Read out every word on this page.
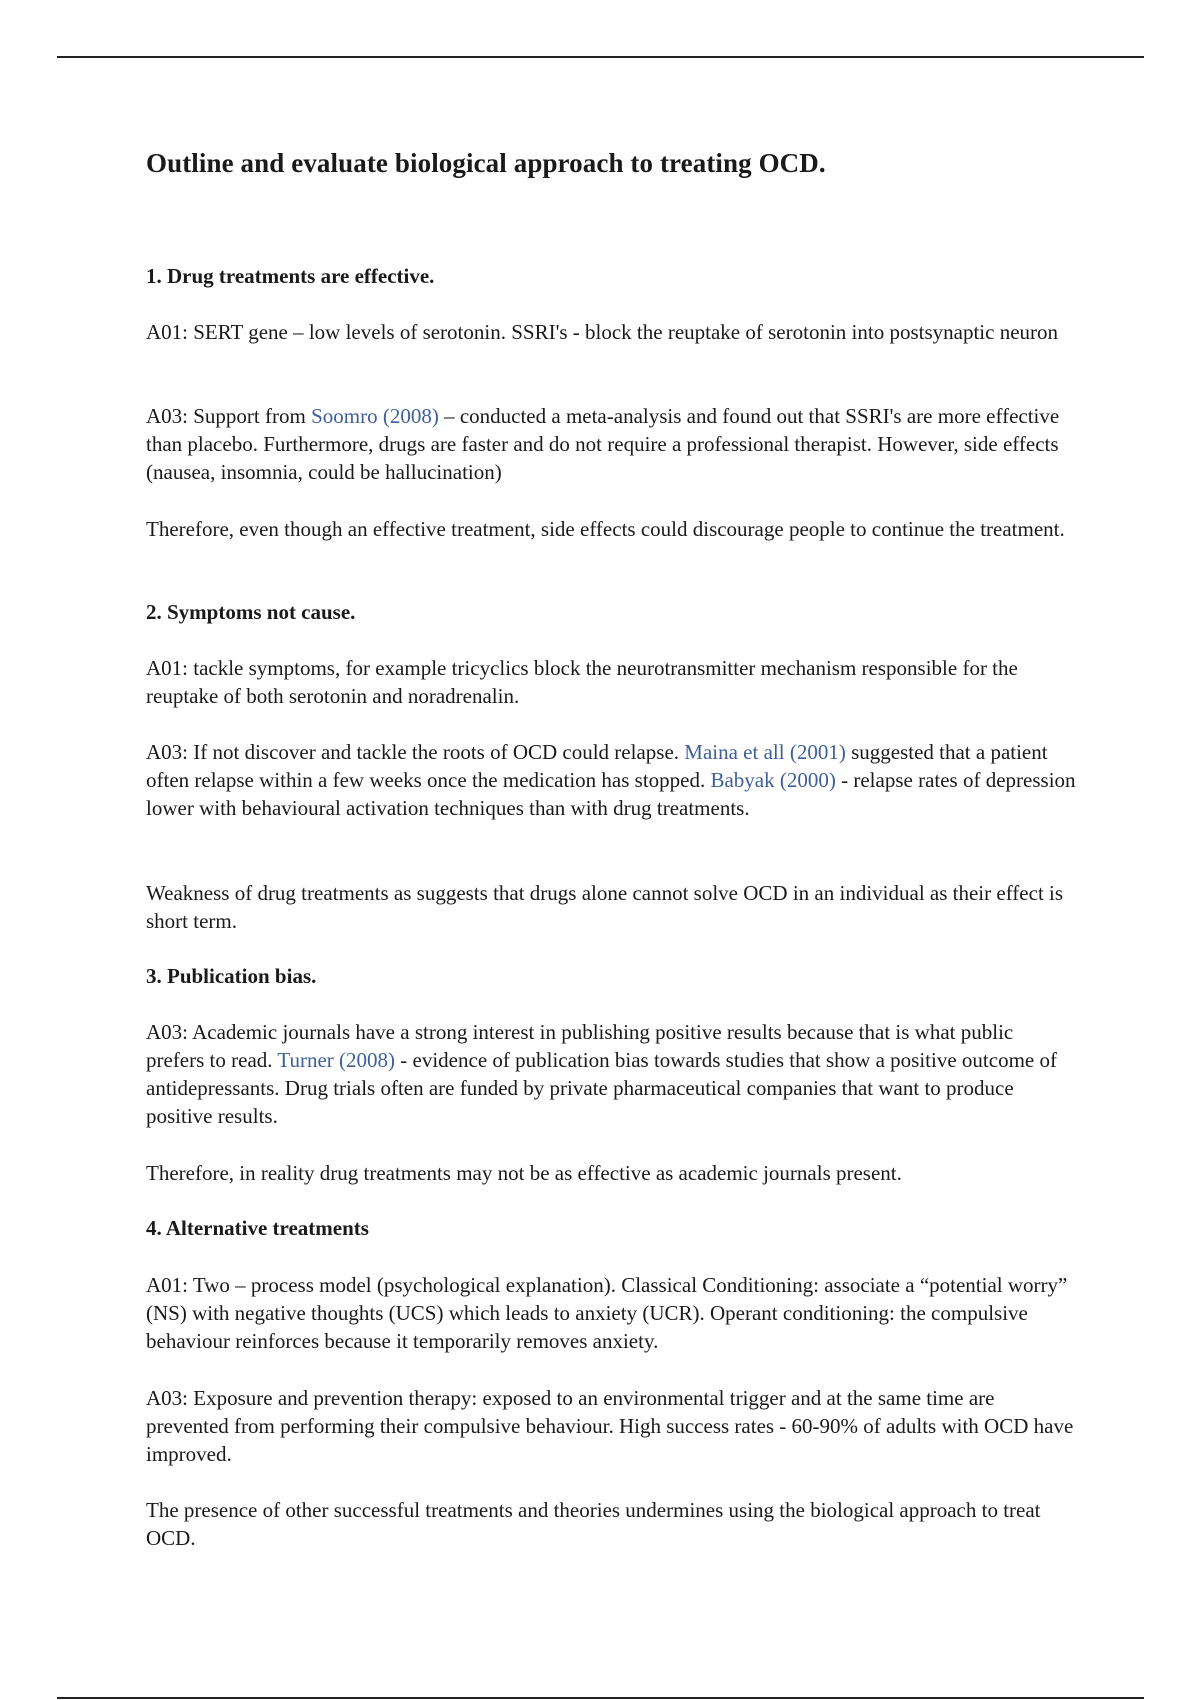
Outline and evaluate biological approach to treating OCD.
1. Drug treatments are effective.

A01: SERT gene – low levels of serotonin. SSRI's - block the reuptake of serotonin into postsynaptic neuron

A03: Support from Soomro (2008) – conducted a meta-analysis and found out that SSRI's are more effective than placebo. Furthermore, drugs are faster and do not require a professional therapist. However, side effects (nausea, insomnia, could be hallucination)

Therefore, even though an effective treatment, side effects could discourage people to continue the treatment.

2. Symptoms not cause.

A01: tackle symptoms, for example tricyclics block the neurotransmitter mechanism responsible for the reuptake of both serotonin and noradrenalin.

A03: If not discover and tackle the roots of OCD could relapse. Maina et all (2001) suggested that a patient often relapse within a few weeks once the medication has stopped. Babyak (2000) - relapse rates of depression lower with behavioural activation techniques than with drug treatments.

Weakness of drug treatments as suggests that drugs alone cannot solve OCD in an individual as their effect is short term.

3. Publication bias.

A03: Academic journals have a strong interest in publishing positive results because that is what public prefers to read. Turner (2008) - evidence of publication bias towards studies that show a positive outcome of antidepressants. Drug trials often are funded by private pharmaceutical companies that want to produce positive results.

Therefore, in reality drug treatments may not be as effective as academic journals present.

4. Alternative treatments

A01: Two – process model (psychological explanation). Classical Conditioning: associate a “potential worry” (NS) with negative thoughts (UCS) which leads to anxiety (UCR). Operant conditioning: the compulsive behaviour reinforces because it temporarily removes anxiety.

A03: Exposure and prevention therapy: exposed to an environmental trigger and at the same time are prevented from performing their compulsive behaviour. High success rates - 60-90% of adults with OCD have improved.

The presence of other successful treatments and theories undermines using the biological approach to treat OCD.
